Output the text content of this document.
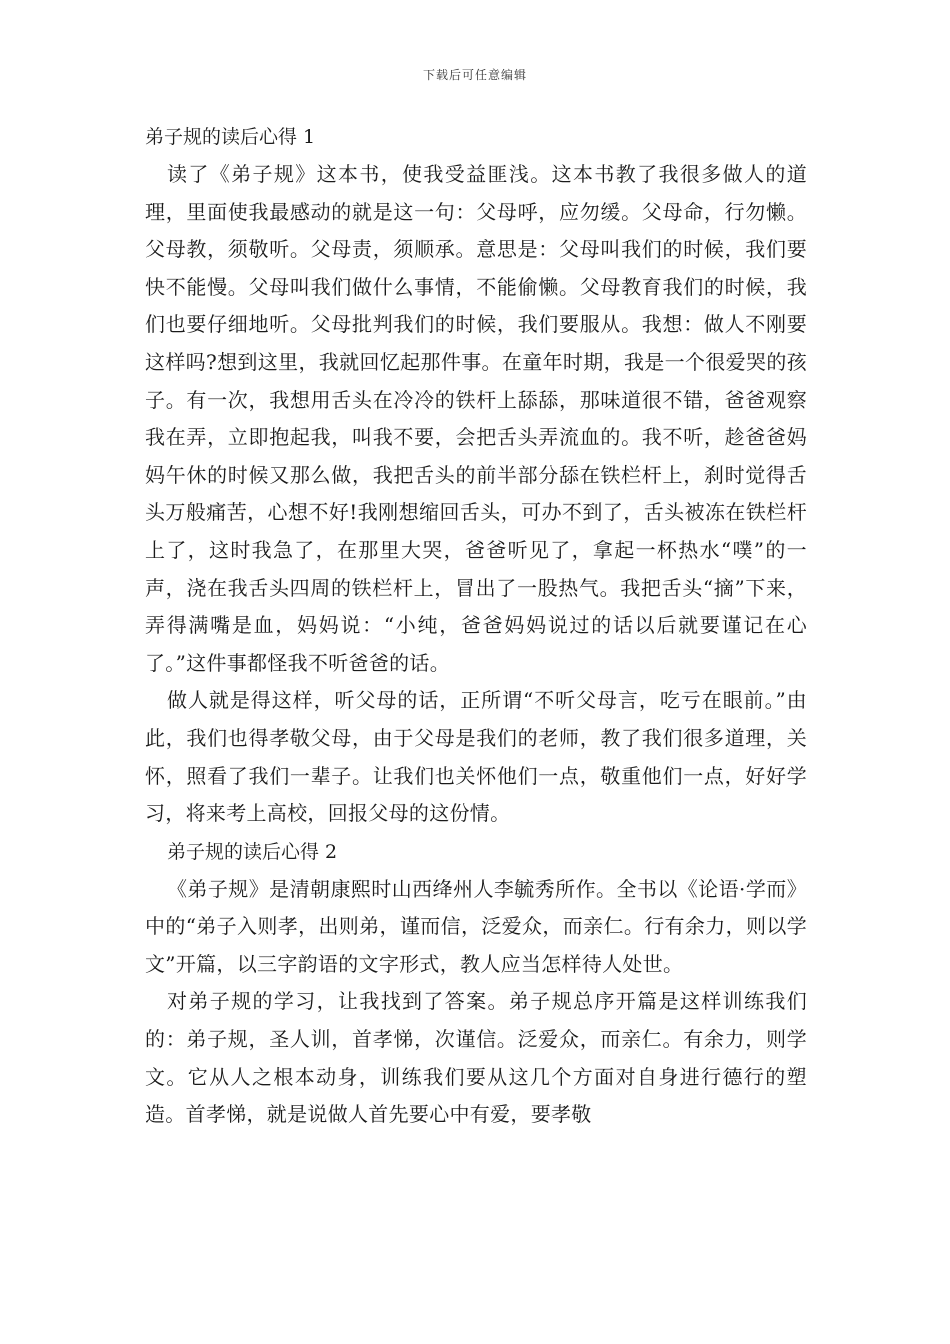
下载后可任意编辑
弟子规的读后心得 1

读了《弟子规》这本书，使我受益匪浅。这本书教了我很多做人的道理，里面使我最感动的就是这一句：父母呼，应勿缓。父母命，行勿懒。父母教，须敬听。父母责，须顺承。意思是：父母叫我们的时候，我们要快不能慢。父母叫我们做什么事情，不能偷懒。父母教育我们的时候，我们也要仔细地听。父母批判我们的时候，我们要服从。我想：做人不刚要这样吗?想到这里，我就回忆起那件事。在童年时期，我是一个很爱哭的孩子。有一次，我想用舌头在冷冷的铁杆上舔舔，那味道很不错，爸爸观察我在弄，立即抱起我，叫我不要，会把舌头弄流血的。我不听，趁爸爸妈妈午休的时候又那么做，我把舌头的前半部分舔在铁栏杆上，刹时觉得舌头万般痛苦，心想不好!我刚想缩回舌头，可办不到了，舌头被冻在铁栏杆上了，这时我急了，在那里大哭，爸爸听见了，拿起一杯热水“噗”的一声，浇在我舌头四周的铁栏杆上，冒出了一股热气。我把舌头“摘”下来，弄得满嘴是血，妈妈说：“小纯，爸爸妈妈说过的话以后就要谨记在心了。”这件事都怪我不听爸爸的话。

做人就是得这样，听父母的话，正所谓“不听父母言，吃亏在眼前。”由此，我们也得孝敬父母，由于父母是我们的老师，教了我们很多道理，关怀，照看了我们一辈子。让我们也关怀他们一点，敬重他们一点，好好学习，将来考上高校，回报父母的这份情。

弟子规的读后心得 2

《弟子规》是清朝康熙时山西绛州人李毓秀所作。全书以《论语·学而》中的“弟子入则孝，出则弟，谨而信，泛爱众，而亲仁。行有余力，则以学文”开篇，以三字韵语的文字形式，教人应当怎样待人处世。

对弟子规的学习，让我找到了答案。弟子规总序开篇是这样训练我们的：弟子规，圣人训，首孝悌，次谨信。泛爱众，而亲仁。有余力，则学文。它从人之根本动身，训练我们要从这几个方面对自身进行德行的塑造。首孝悌，就是说做人首先要心中有爱，要孝敬
